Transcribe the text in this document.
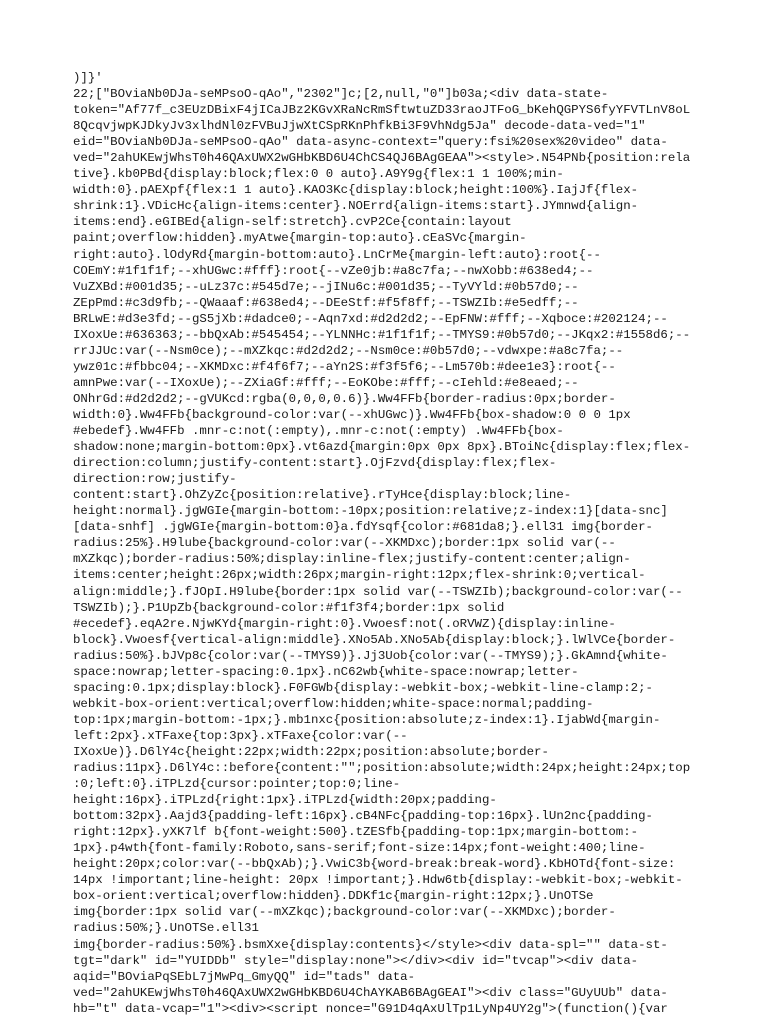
)]}'
22;["BOviaNb0DJa-seMPsoO-qAo","2302"]c;[2,null,"0"]b03a;<div data-state-
token="Af77f_c3EUzDBixF4jICaJBz2KGvXRaNcRmSftwtuZD33raoJTFoG_bKehQGPYS6fyYFVTLnV8oL
8QcqvjwpKJDkyJv3xlhdNl0zFVBuJjwXtCSpRKnPhfkBi3F9VhNdg5Ja" decode-data-ved="1"
eid="BOviaNb0DJa-seMPsoO-qAo" data-async-context="query:fsi%20sex%20video" data-
ved="2ahUKEwjWhsT0h46QAxUWX2wGHbKBD6U4ChCS4QJ6BAgGEAA"><style>.N54PNb{position:rela
tive}.kb0PBd{display:block;flex:0 0 auto}.A9Y9g{flex:1 1 100%;min-
width:0}.pAEXpf{flex:1 1 auto}.KAO3Kc{display:block;height:100%}.IajJf{flex-
shrink:1}.VDicHc{align-items:center}.NOErrd{align-items:start}.JYmnwd{align-
items:end}.eGIBEd{align-self:stretch}.cvP2Ce{contain:layout
paint;overflow:hidden}.myAtwe{margin-top:auto}.cEaSVc{margin-
right:auto}.lOdyRd{margin-bottom:auto}.LnCrMe{margin-left:auto}:root{--
COEmY:#1f1f1f;--xhUGwc:#fff}:root{--vZe0jb:#a8c7fa;--nwXobb:#638ed4;--
VuZXBd:#001d35;--uLz37c:#545d7e;--jINu6c:#001d35;--TyVYld:#0b57d0;--
ZEpPmd:#c3d9fb;--QWaaaf:#638ed4;--DEeStf:#f5f8ff;--TSWZIb:#e5edff;--
BRLwE:#d3e3fd;--gS5jXb:#dadce0;--Aqn7xd:#d2d2d2;--EpFNW:#fff;--Xqboce:#202124;--
IXoxUe:#636363;--bbQxAb:#545454;--YLNNHc:#1f1f1f;--TMYS9:#0b57d0;--JKqx2:#1558d6;--
rrJJUc:var(--Nsm0ce);--mXZkqc:#d2d2d2;--Nsm0ce:#0b57d0;--vdwxpe:#a8c7fa;--
ywz01c:#fbbc04;--XKMDxc:#f4f6f7;--aYn2S:#f3f5f6;--Lm570b:#dee1e3}:root{--
amnPwe:var(--IXoxUe);--ZXiaGf:#fff;--EoKObe:#fff;--cIehld:#e8eaed;--
ONhrGd:#d2d2d2;--gVUKcd:rgba(0,0,0,0.6)}.Ww4FFb{border-radius:0px;border-
width:0}.Ww4FFb{background-color:var(--xhUGwc)}.Ww4FFb{box-shadow:0 0 0 1px
#ebedef}.Ww4FFb .mnr-c:not(:empty),.mnr-c:not(:empty) .Ww4FFb{box-
shadow:none;margin-bottom:0px}.vt6azd{margin:0px 0px 8px}.BToiNc{display:flex;flex-
direction:column;justify-content:start}.OjFzvd{display:flex;flex-
direction:row;justify-
content:start}.OhZyZc{position:relative}.rTyHce{display:block;line-
height:normal}.jgWGIe{margin-bottom:-10px;position:relative;z-index:1}[data-snc]
[data-snhf] .jgWGIe{margin-bottom:0}a.fdYsqf{color:#681da8;}.ell31 img{border-
radius:25%}.H9lube{background-color:var(--XKMDxc);border:1px solid var(--
mXZkqc);border-radius:50%;display:inline-flex;justify-content:center;align-
items:center;height:26px;width:26px;margin-right:12px;flex-shrink:0;vertical-
align:middle;}.fJOpI.H9lube{border:1px solid var(--TSWZIb);background-color:var(--
TSWZIb);}.P1UpZb{background-color:#f1f3f4;border:1px solid
#ecedef}.eqA2re.NjwKYd{margin-right:0}.Vwoesf:not(.oRVWZ){display:inline-
block}.Vwoesf{vertical-align:middle}.XNo5Ab.XNo5Ab{display:block;}.lWlVCe{border-
radius:50%}.bJVp8c{color:var(--TMYS9)}.Jj3Uob{color:var(--TMYS9);}.GkAmnd{white-
space:nowrap;letter-spacing:0.1px}.nC62wb{white-space:nowrap;letter-
spacing:0.1px;display:block}.F0FGWb{display:-webkit-box;-webkit-line-clamp:2;-
webkit-box-orient:vertical;overflow:hidden;white-space:normal;padding-
top:1px;margin-bottom:-1px;}.mb1nxc{position:absolute;z-index:1}.IjabWd{margin-
left:2px}.xTFaxe{top:3px}.xTFaxe{color:var(--
IXoxUe)}.D6lY4c{height:22px;width:22px;position:absolute;border-
radius:11px}.D6lY4c::before{content:"";position:absolute;width:24px;height:24px;top
:0;left:0}.iTPLzd{cursor:pointer;top:0;line-
height:16px}.iTPLzd{right:1px}.iTPLzd{width:20px;padding-
bottom:32px}.Aajd3{padding-left:16px}.cB4NFc{padding-top:16px}.lUn2nc{padding-
right:12px}.yXK7lf b{font-weight:500}.tZESfb{padding-top:1px;margin-bottom:-
1px}.p4wth{font-family:Roboto,sans-serif;font-size:14px;font-weight:400;line-
height:20px;color:var(--bbQxAb);}.VwiC3b{word-break:break-word}.KbHOTd{font-size:
14px !important;line-height: 20px !important;}.Hdw6tb{display:-webkit-box;-webkit-
box-orient:vertical;overflow:hidden}.DDKf1c{margin-right:12px;}.UnOTSe
img{border:1px solid var(--mXZkqc);background-color:var(--XKMDxc);border-
radius:50%;}.UnOTSe.ell31
img{border-radius:50%}.bsmXxe{display:contents}</style><div data-spl="" data-st-
tgt="dark" id="YUIDDb" style="display:none"></div><div id="tvcap"><div data-
aqid="BOviaPqSEbL7jMwPq_GmyQQ" id="tads" data-
ved="2ahUKEwjWhsT0h46QAxUWX2wGHbKBD6U4ChAYKAB6BAgGEAI"><div class="GUyUUb" data-
hb="t" data-vcap="1"><div><script nonce="G91D4qAxUlTp1LyNp4UY2g">(function(){var
